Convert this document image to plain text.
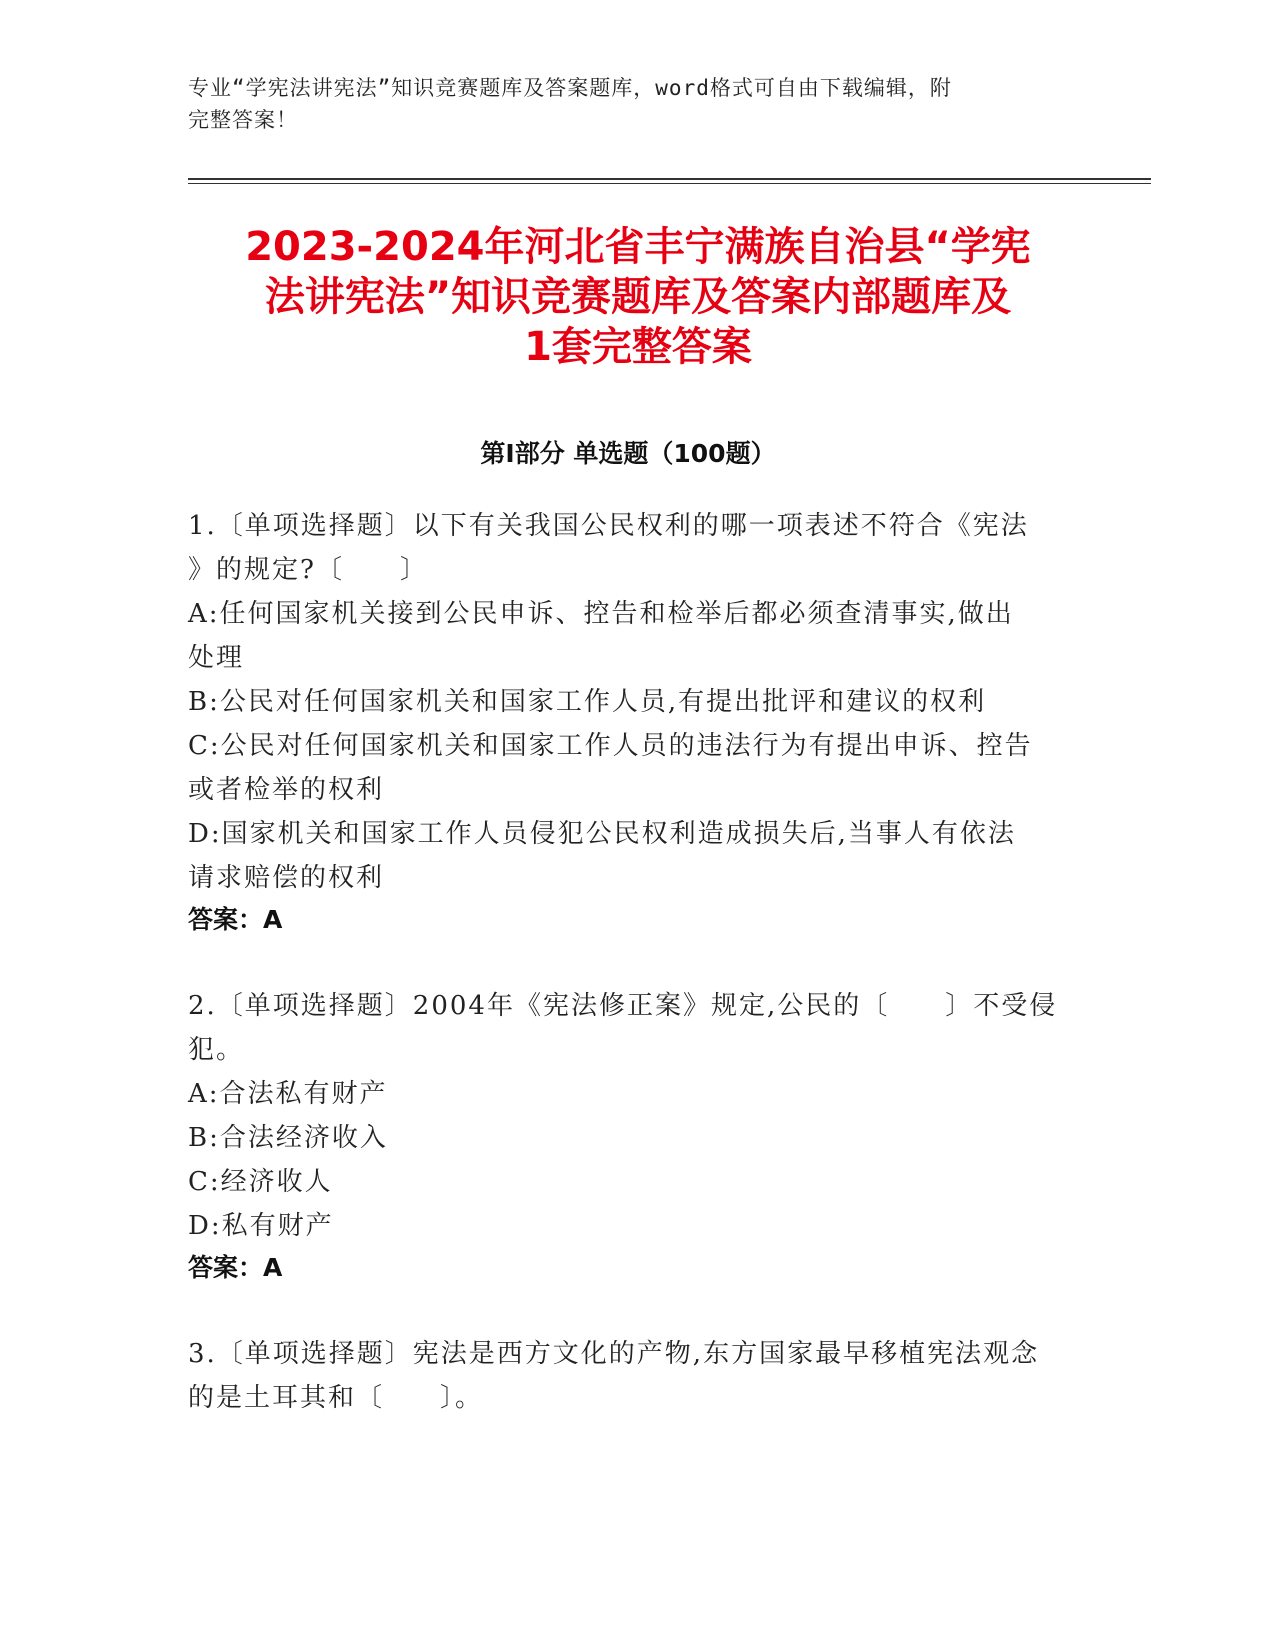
专业“学宪法讲宪法”知识竞赛题库及答案题库，word格式可自由下载编辑，附
完整答案！
2023-2024年河北省丰宁满族自治县“学宪
法讲宪法”知识竞赛题库及答案内部题库及
1套完整答案
第Ⅰ部分 单选题（100题）
1.〔单项选择题〕以下有关我国公民权利的哪一项表述不符合《宪法
》的规定?〔　　〕
A:任何国家机关接到公民申诉、控告和检举后都必须查清事实,做出
处理
B:公民对任何国家机关和国家工作人员,有提出批评和建议的权利
C:公民对任何国家机关和国家工作人员的违法行为有提出申诉、控告
或者检举的权利
D:国家机关和国家工作人员侵犯公民权利造成损失后,当事人有依法
请求赔偿的权利
答案：A
2.〔单项选择题〕2004年《宪法修正案》规定,公民的〔　　〕不受侵
犯。
A:合法私有财产
B:合法经济收入
C:经济收人
D:私有财产
答案：A
3.〔单项选择题〕宪法是西方文化的产物,东方国家最早移植宪法观念
的是土耳其和〔　　〕。
